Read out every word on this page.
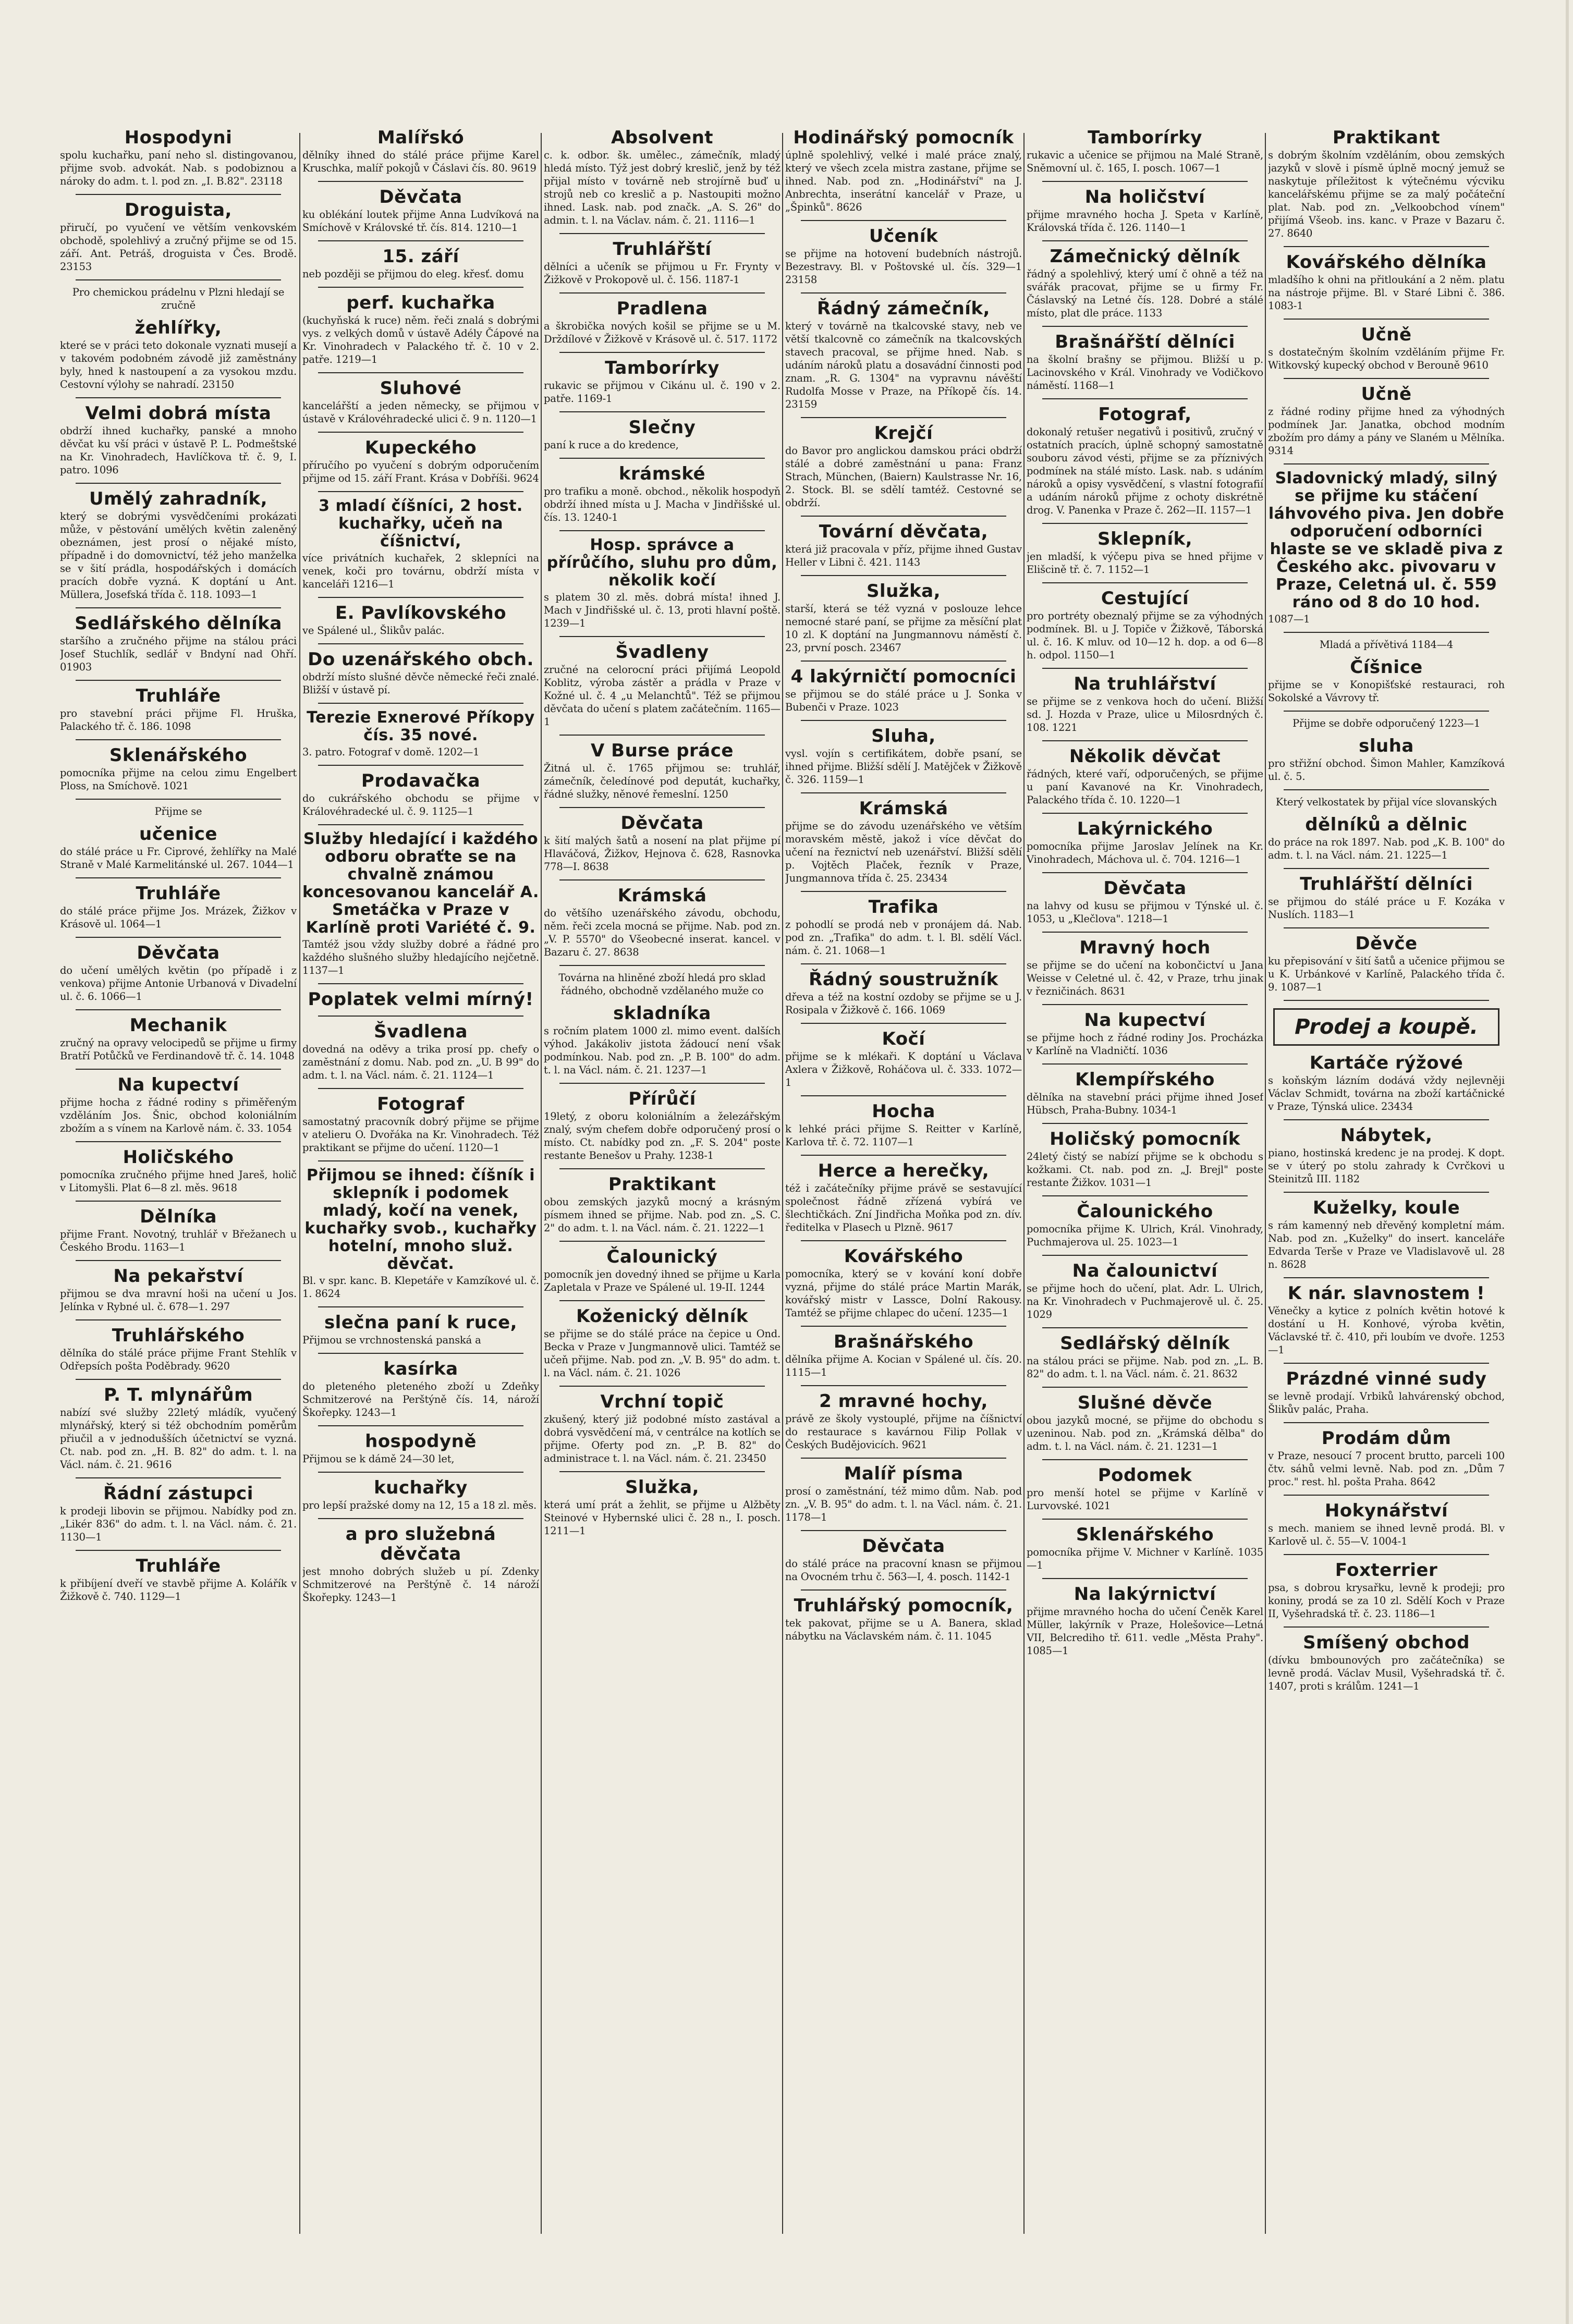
Hospodyni

spolu kuchařku, paní neho sl. distingovanou, přijme svob. advokát. Nab. s podobiznou a nároky do adm. t. l. pod zn. „I. B.82". 23118

Droguista,

přiručí, po vyučení ve větším venkovském obchodě, spolehlivý a zručný přijme se od 15. září. Ant. Petráš, droguista v Čes. Brodě. 23153

Pro chemickou prádelnu v Plzni hledají se zručně

žehlířky,

které se v práci teto dokonale vyznati musejí a v takovém podobném závodě již zaměstnány byly, hned k nastoupení a za vysokou mzdu. Cestovní výlohy se nahradí. 23150

Velmi dobrá místa

obdrží ihned kuchařky, panské a mnoho děvčat ku vší práci v ústavě P. L. Podmeštské na Kr. Vinohradech, Havlíčkova tř. č. 9, I. patro. 1096

Umělý zahradník,

který se dobrými vysvědčeními prokázati může, v pěstování umělých květin zaleněný obeznámen, jest prosí o nějaké místo, případně i do domovnictví, též jeho manželka se v šití prádla, hospodářských i domácích pracích dobře vyzná. K doptání u Ant. Müllera, Josefská třída č. 118. 1093—1

Sedlářského dělníka

staršího a zručného přijme na stálou práci Josef Stuchlík, sedlář v Bndyní nad Ohří. 01903

Truhláře

pro stavební práci přijme Fl. Hruška, Palackého tř. č. 186. 1098

Sklenářského

pomocníka přijme na celou zimu Engelbert Ploss, na Smíchově. 1021

Přijme se

učenice

do stálé práce u Fr. Ciprové, žehlířky na Malé Straně v Malé Karmelitánské ul. 267. 1044—1

Truhláře

do stálé práce přijme Jos. Mrázek, Žižkov v Krásově ul. 1064—1

Děvčata

do učení umělých květin (po případě i z venkova) přijme Antonie Urbanová v Divadelní ul. č. 6. 1066—1

Mechanik

zručný na opravy velocipedů se přijme u firmy Bratří Potůčků ve Ferdinandově tř. č. 14. 1048

Na kupectví

přijme hocha z řádné rodiny s přiměřeným vzděláním Jos. Šnic, obchod koloniálním zbožím a s vínem na Karlově nám. č. 33. 1054

Holičského

pomocníka zručného přijme hned Jareš, holič v Litomyšli. Plat 6—8 zl. měs. 9618

Dělníka

přijme Frant. Novotný, truhlář v Břežanech u Českého Brodu. 1163—1

Na pekařství

přijmou se dva mravní hoši na učení u Jos. Jelínka v Rybné ul. č. 678—1. 297

Truhlářského

dělníka do stálé práce přijme Frant Stehlík v Odřepsích pošta Poděbrady. 9620

P. T. mlynářům

nabízí své služby 22letý mládík, vyučený mlynářský, který si též obchodním poměrům přiučil a v jednodušších účetnictví se vyzná. Ct. nab. pod zn. „H. B. 82" do adm. t. l. na Václ. nám. č. 21. 9616

Řádní zástupci

k prodeji libovin se přijmou. Nabídky pod zn. „Likér 836" do adm. t. l. na Václ. nám. č. 21. 1130—1

Truhláře

k přibíjení dveří ve stavbě přijme A. Kolářík v Žižkově č. 740. 1129—1

Malířskó

dělníky ihned do stálé práce přijme Karel Kruschka, malíř pokojů v Čáslavi čís. 80. 9619

Děvčata

ku oblékání loutek přijme Anna Ludvíková na Smíchově v Královské tř. čís. 814. 1210—1

15. září

neb později se přijmou do eleg. křesť. domu

perf. kuchařka

(kuchyňská k ruce) něm. řeči znalá s dobrými vys. z velkých domů v ústavě Adély Čápové na Kr. Vinohradech v Palackého tř. č. 10 v 2. patře. 1219—1

Sluhové

kancelářští a jeden německy, se přijmou v ústavě v Královéhradecké ulici č. 9 n. 1120—1

Kupeckého

příručího po vyučení s dobrým odporučením přijme od 15. září Frant. Krása v Dobříši. 9624

3 mladí číšníci, 2 host. kuchařky, učeň na číšnictví,

více privátních kuchařek, 2 sklepníci na venek, koči pro továrnu, obdrží místa v kanceláři 1216—1

E. Pavlíkovského

ve Spálené ul., Šlikův palác.

Do uzenářského obch.

obdrží místo slušné děvče německé řeči znalé. Bližší v ústavě pí.

Terezie Exnerové Příkopy čís. 35 nové.

3. patro. Fotograf v domě. 1202—1

Prodavačka

do cukrářského obchodu se přijme v Královéhradecké ul. č. 9. 1125—1

Služby hledající i každého odboru obraťte se na chvalně známou koncesovanou kancelář A. Smetáčka v Praze v Karlíně proti Variété č. 9.

Tamtéž jsou vždy služby dobré a řádné pro každého slušného služby hledajícího nejčetně. 1137—1

Poplatek velmi mírný!
Švadlena

dovedná na oděvy a trika prosí pp. chefy o zaměstnání z domu. Nab. pod zn. „U. B 99" do adm. t. l. na Václ. nám. č. 21. 1124—1

Fotograf

samostatný pracovník dobrý přijme se přijme v atelieru O. Dvořáka na Kr. Vinohradech. Též praktikant se přijme do učení. 1120—1

Přijmou se ihned: číšník i sklepník i podomek mladý, kočí na venek, kuchařky svob., kuchařky hotelní, mnoho služ. děvčat.

Bl. v spr. kanc. B. Klepetáře v Kamzíkové ul. č. 1. 8624

slečna paní k ruce,

Přijmou se vrchnostenská panská a

kasírka

do pleteného pleteného zboží u Zdeňky Schmitzerové na Perštýně čís. 14, nároží Škořepky. 1243—1

hospodyně

Přijmou se k dámě 24—30 let,

kuchařky

pro lepší pražské domy na 12, 15 a 18 zl. měs.

a pro služebná děvčata

jest mnoho dobrých služeb u pí. Zdenky Schmitzerové na Perštýně č. 14 nároží Škořepky. 1243—1

Absolvent

c. k. odbor. šk. umělec., zámečník, mladý hledá místo. Týž jest dobrý kreslič, jenž by též přijal místo v továrně neb strojírně buď u strojů neb co kreslič a p. Nastoupiti možno ihned. Lask. nab. pod značk. „A. S. 26" do admin. t. l. na Václav. nám. č. 21. 1116—1

Truhlářští

dělníci a učeník se přijmou u Fr. Frynty v Žižkově v Prokopově ul. č. 156. 1187-1

Pradlena

a škrobička nových košil se přijme se u M. Drždílové v Žižkově v Krásově ul. č. 517. 1172

Tamborírky

rukavic se přijmou v Cikánu ul. č. 190 v 2. patře. 1169-1

Slečny

paní k ruce a do kredence,

krámské

pro trafiku a moně. obchod., několik hospodyň obdrží ihned místa u J. Macha v Jindřišské ul. čís. 13. 1240-1

Hosp. správce a přírůčího, sluhu pro dům, několik kočí

s platem 30 zl. měs. dobrá místa! ihned J. Mach v Jindřišské ul. č. 13, proti hlavní poště. 1239—1

Švadleny

zručné na celorocní práci přijímá Leopold Koblitz, výroba zástěr a prádla v Praze v Kožné ul. č. 4 „u Melanchtů". Též se přijmou děvčata do učení s platem začátečním. 1165—1

V Burse práce

Žitná ul. č. 1765 přijmou se: truhlář, zámečník, čeledínové pod deputát, kuchařky, řádné služky, něnové řemeslní. 1250

Děvčata

k šití malých šatů a nosení na plat přijme pí Hlaváčová, Žižkov, Hejnova č. 628, Rasnovka 778—I. 8638

Krámská

do většího uzenářského závodu, obchodu, něm. řeči zcela mocná se přijme. Nab. pod zn. „V. P. 5570" do Všeobecné inserat. kancel. v Bazaru č. 27. 8638

Továrna na hliněné zboží hledá pro sklad řádného, obchodně vzdělaného muže co

skladníka

s ročním platem 1000 zl. mimo event. dalších výhod. Jakákoliv jistota žádoucí není však podmínkou. Nab. pod zn. „P. B. 100" do adm. t. l. na Václ. nám. č. 21. 1237—1

Přírůčí

19letý, z oboru koloniálním a železářským znalý, svým chefem dobře odporučený prosí o místo. Ct. nabídky pod zn. „F. S. 204" poste restante Benešov u Prahy. 1238-1

Praktikant

obou zemských jazyků mocný a krásným písmem ihned se přijme. Nab. pod zn. „S. C. 2" do adm. t. l. na Václ. nám. č. 21. 1222—1

Čalounický

pomocník jen dovedný ihned se přijme u Karla Zapletala v Praze ve Spálené ul. 19-II. 1244

Koženický dělník

se přijme se do stálé práce na čepice u Ond. Becka v Praze v Jungmannově ulici. Tamtéž se učeň přijme. Nab. pod zn. „V. B. 95" do adm. t. l. na Václ. nám. č. 21. 1026

Vrchní topič

zkušený, který již podobné místo zastával a dobrá vysvědčení má, v centrálce na kotlích se přijme. Oferty pod zn. „P. B. 82" do administrace t. l. na Václ. nám. č. 21. 23450

Služka,

která umí prát a žehlit, se přijme u Alžběty Steinové v Hybernské ulici č. 28 n., I. posch. 1211—1

Hodinářský pomocník

úplně spolehlivý, velké i malé práce znalý, který ve všech zcela mistra zastane, přijme se ihned. Nab. pod zn. „Hodinářství" na J. Anbrechta, inserátní kancelář v Praze, u „Špinků". 8626

Učeník

se přijme na hotovení budebních nástrojů. Bezestravy. Bl. v Poštovské ul. čís. 329—1 23158

Řádný zámečník,

který v továrně na tkalcovské stavy, neb ve větší tkalcovně co zámečník na tkalcovských stavech pracoval, se přijme hned. Nab. s udáním nároků platu a dosavádní činnosti pod znam. „R. G. 1304" na vypravnu návěští Rudolfa Mosse v Praze, na Příkopě čís. 14. 23159

Krejčí

do Bavor pro anglickou damskou práci obdrží stálé a dobré zaměstnání u pana: Franz Strach, München, (Baiern) Kaulstrasse Nr. 16, 2. Stock. Bl. se sdělí tamtéž. Cestovné se obdrží.

Tovární děvčata,

která již pracovala v příz, přijme ihned Gustav Heller v Libni č. 421. 1143

Služka,

starší, která se též vyzná v poslouze lehce nemocné staré paní, se přijme za měsíční plat 10 zl. K doptání na Jungmannovu náměstí č. 23, první posch. 23467

4 lakýrničtí pomocníci

se přijmou se do stálé práce u J. Sonka v Bubenči v Praze. 1023

Sluha,

vysl. vojín s certifikátem, dobře psaní, se ihned přijme. Bližší sdělí J. Matějček v Žižkově č. 326. 1159—1

Krámská

přijme se do závodu uzenářského ve větším moravském městě, jakož i více děvčat do učení na řeznictví neb uzenářství. Bližší sdělí p. Vojtěch Plaček, řezník v Praze, Jungmannova třída č. 25. 23434

Trafika

z pohodlí se prodá neb v pronájem dá. Nab. pod zn. „Trafika" do adm. t. l. Bl. sdělí Václ. nám. č. 21. 1068—1

Řádný soustružník

dřeva a též na kostní ozdoby se přijme se u J. Rosipala v Žižkově č. 166. 1069

Kočí

přijme se k mlékaři. K doptání u Václava Axlera v Žižkově, Roháčova ul. č. 333. 1072—1

Hocha

k lehké práci přijme S. Reitter v Karlíně, Karlova tř. č. 72. 1107—1

Herce a herečky,

též i začátečníky přijme právě se sestavující společnost řádně zřízená vybírá ve šlechtičkách. Zní Jindřicha Moňka pod zn. dív. ředitelka v Plasech u Plzně. 9617

Kovářského

pomocníka, který se v kování koní dobře vyzná, přijme do stálé práce Martin Marák, kovářský mistr v Lassce, Dolní Rakousy. Tamtéž se přijme chlapec do učení. 1235—1

Brašnářského

dělníka přijme A. Kocian v Spálené ul. čís. 20. 1115—1

2 mravné hochy,

právě ze školy vystouplé, přijme na číšnictví do restaurace s kavárnou Filip Pollak v Českých Budějovicích. 9621

Malíř písma

prosí o zaměstnání, též mimo dům. Nab. pod zn. „V. B. 95" do adm. t. l. na Václ. nám. č. 21. 1178—1

Děvčata

do stálé práce na pracovní knasn se přijmou na Ovocném trhu č. 563—I, 4. posch. 1142-1

Truhlářský pomocník,

tek pakovat, přijme se u A. Banera, sklad nábytku na Václavském nám. č. 11. 1045

Tamborírky

rukavic a učenice se přijmou na Malé Straně, Sněmovní ul. č. 165, I. posch. 1067—1

Na holičství

přijme mravného hocha J. Speta v Karlíně, Královská třída č. 126. 1140—1

Zámečnický dělník

řádný a spolehlivý, který umí č ohně a též na svářák pracovat, přijme se u firmy Fr. Čáslavský na Letné čís. 128. Dobré a stálé místo, plat dle práce. 1133

Brašnářští dělníci

na školní brašny se přijmou. Bližší u p. Lacinovského v Král. Vinohrady ve Vodičkovo náměstí. 1168—1

Fotograf,

dokonalý retušer negativů i positivů, zručný v ostatních pracích, úplně schopný samostatně souboru závod vésti, přijme se za příznivých podmínek na stálé místo. Lask. nab. s udáním nároků a opisy vysvědčení, s vlastní fotografií a udáním nároků přijme z ochoty diskrétně drog. V. Panenka v Praze č. 262—II. 1157—1

Sklepník,

jen mladší, k výčepu piva se hned přijme v Elišcině tř. č. 7. 1152—1

Cestující

pro portréty obeznalý přijme se za výhodných podmínek. Bl. u J. Topiče v Žižkově, Táborská ul. č. 16. K mluv. od 10—12 h. dop. a od 6—8 h. odpol. 1150—1

Na truhlářství

se přijme se z venkova hoch do učení. Bližší sd. J. Hozda v Praze, ulice u Milosrdných č. 108. 1221

Několik děvčat

řádných, které vaří, odporučených, se přijme u paní Kavanové na Kr. Vinohradech, Palackého třída č. 10. 1220—1

Lakýrnického

pomocníka přijme Jaroslav Jelínek na Kr. Vinohradech, Máchova ul. č. 704. 1216—1

Děvčata

na lahvy od kusu se přijmou v Týnské ul. č. 1053, u „Klečlova". 1218—1

Mravný hoch

se přijme se do učení na kobončictví u Jana Weisse v Celetné ul. č. 42, v Praze, trhu jinak v řezničinách. 8631

Na kupectví

se přijme hoch z řádné rodiny Jos. Procházka v Karlíně na Vladničtí. 1036

Klempířského

dělníka na stavební práci přijme ihned Josef Hübsch, Praha-Bubny. 1034-1

Holičský pomocník

24letý čistý se nabízí přijme se k obchodu s kožkami. Ct. nab. pod zn. „J. Brejl" poste restante Žižkov. 1031—1

Čalounického

pomocníka přijme K. Ulrich, Král. Vinohrady, Puchmajerova ul. 25. 1023—1

Na čalounictví

se přijme hoch do učení, plat. Adr. L. Ulrich, na Kr. Vinohradech v Puchmajerově ul. č. 25. 1029

Sedlářský dělník

na stálou práci se přijme. Nab. pod zn. „L. B. 82" do adm. t. l. na Václ. nám. č. 21. 8632

Slušné děvče

obou jazyků mocné, se přijme do obchodu s uzeninou. Nab. pod zn. „Krámská dělba" do adm. t. l. na Václ. nám. č. 21. 1231—1

Podomek

pro menší hotel se přijme v Karlíně v Lurvovské. 1021

Sklenářského

pomocníka přijme V. Michner v Karlíně. 1035—1

Na lakýrnictví

přijme mravného hocha do učení Čeněk Karel Müller, lakýrník v Praze, Holešovice—Letná VII, Belcrediho tř. 611. vedle „Města Prahy". 1085—1

Praktikant

s dobrým školním vzděláním, obou zemských jazyků v slově i písmě úplně mocný jemuž se naskytuje příležitost k výtečnému výcviku kancelářskému přijme se za malý počáteční plat. Nab. pod zn. „Velkoobchod vínem" přijímá Všeob. ins. kanc. v Praze v Bazaru č. 27. 8640

Kovářského dělníka

mladšího k ohni na přitloukání a 2 něm. platu na nástroje přijme. Bl. v Staré Libni č. 386. 1083-1

Učně

s dostatečným školním vzděláním přijme Fr. Witkovský kupecký obchod v Berouně 9610

Učně

z řádné rodiny přijme hned za výhodných podmínek Jar. Janatka, obchod modním zbožím pro dámy a pány ve Slaném u Mělníka. 9314

Sladovnický mladý, silný se přijme ku stáčení láhvového piva. Jen dobře odporučení odborníci hlaste se ve skladě piva z Českého akc. pivovaru v Praze, Celetná ul. č. 559 ráno od 8 do 10 hod.

1087—1

Mladá a přívětivá 1184—4

Číšnice

přijme se v Konopišťské restauraci, roh Sokolské a Vávrovy tř.

Přijme se dobře odporučený 1223—1

sluha

pro střižní obchod. Šimon Mahler, Kamzíková ul. č. 5.

Který velkostatek by přijal více slovanských

dělníků a dělnic

do práce na rok 1897. Nab. pod „K. B. 100" do adm. t. l. na Václ. nám. 21. 1225—1

Truhlářští dělníci

se přijmou do stálé práce u F. Kozáka v Nuslích. 1183—1

Děvče

ku přepisování v šití šatů a učenice přijmou se u K. Urbánkové v Karlíně, Palackého třída č. 9. 1087—1

Prodej a koupě.
Kartáče rýžové

s koňským lázním dodává vždy nejlevněji Václav Schmidt, továrna na zboží kartáčnické v Praze, Týnská ulice. 23434

Nábytek,

piano, hostinská kredenc je na prodej. K dopt. se v úterý po stolu zahrady k Cvrčkovi u Steinitzů III. 1182

Kuželky, koule

s rám kamenný neb dřevěný kompletní mám. Nab. pod zn. „Kuželky" do insert. kanceláře Edvarda Terše v Praze ve Vladislavově ul. 28 n. 8628

K nár. slavnostem !

Věnečky a kytice z polních květin hotové k dostání u H. Konhové, výroba květin, Václavské tř. č. 410, při loubím ve dvoře. 1253—1

Prázdné vinné sudy

se levně prodají. Vrbiků lahvárenský obchod, Šlikův palác, Praha.

Prodám dům

v Praze, nesoucí 7 procent brutto, parceli 100 čtv. sáhů velmi levně. Nab. pod zn. „Dům 7 proc." rest. hl. pošta Praha. 8642

Hokynářství

s mech. maniem se ihned levně prodá. Bl. v Karlově ul. č. 55—V. 1004-1

Foxterrier

psa, s dobrou krysařku, levně k prodeji; pro koniny, prodá se za 10 zl. Sdělí Koch v Praze II, Vyšehradská tř. č. 23. 1186—1

Smíšený obchod

(dívku bmbounových pro začátečníka) se levně prodá. Václav Musil, Vyšehradská tř. č. 1407, proti s králům. 1241—1
